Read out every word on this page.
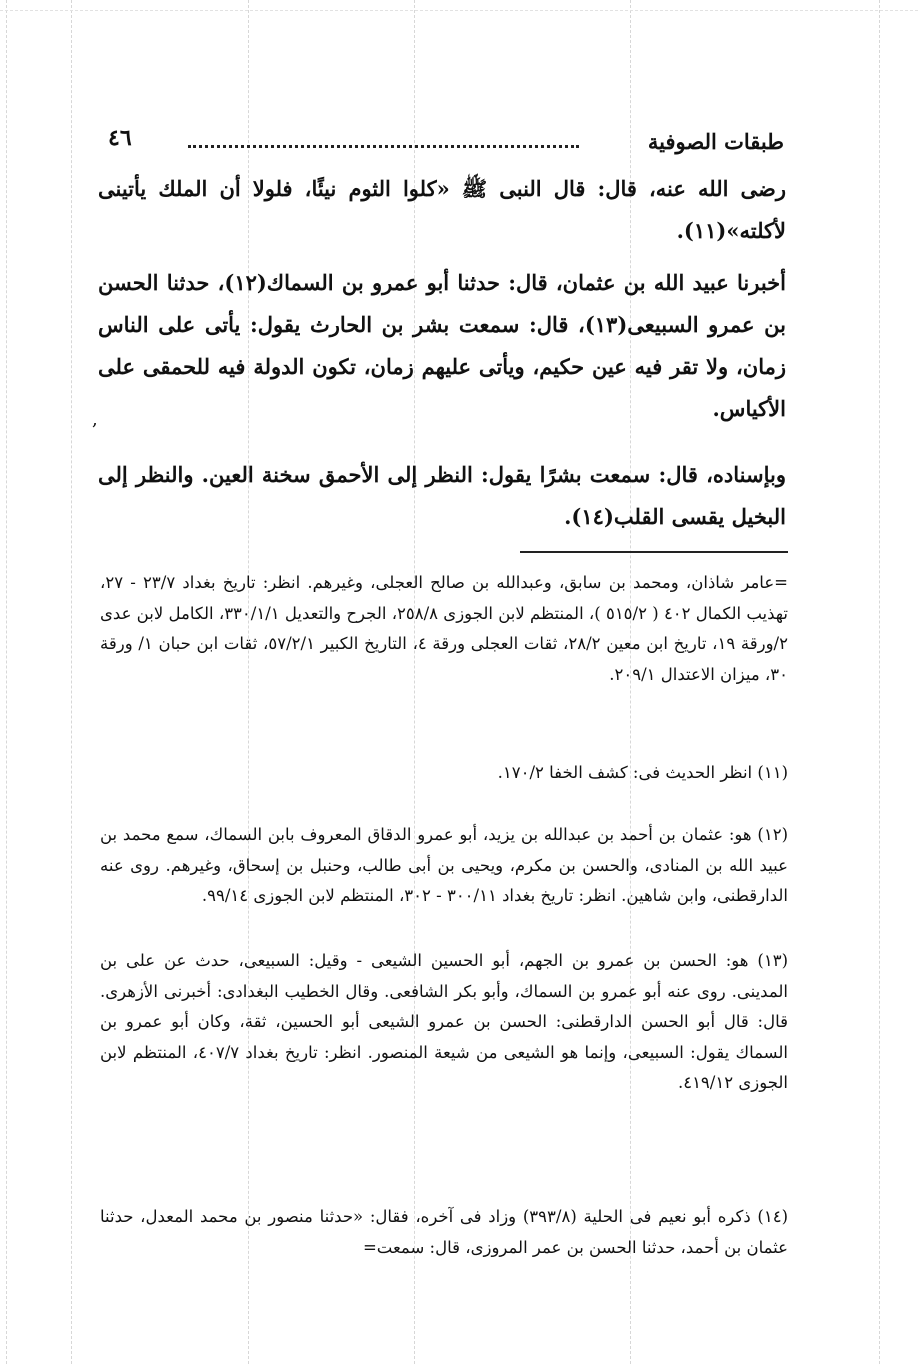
طبقات الصوفية
٤٦

رضى الله عنه، قال: قال النبى ﷺ «كلوا الثوم نيئًا، فلولا أن الملك يأتينى لأكلته»(١١).

أخبرنا عبيد الله بن عثمان، قال: حدثنا أبو عمرو بن السماك(١٢)، حدثنا الحسن بن عمرو السبيعى(١٣)، قال: سمعت بشر بن الحارث يقول: يأتى على الناس زمان، ولا تقر فيه عين حكيم، ويأتى عليهم زمان، تكون الدولة فيه للحمقى على الأكياس.

وبإسناده، قال: سمعت بشرًا يقول: النظر إلى الأحمق سخنة العين. والنظر إلى البخيل يقسى القلب(١٤).

,
=عامر شاذان، ومحمد بن سابق، وعبدالله بن صالح العجلى، وغيرهم. انظر: تاريخ بغداد ٢٣/٧ - ٢٧، تهذيب الكمال ٤٠٢ ( ٥١٥/٢ )، المنتظم لابن الجوزى ٢٥٨/٨، الجرح والتعديل ٣٣٠/١/١، الكامل لابن عدى ٢/ورقة ١٩، تاريخ ابن معين ٢٨/٢، ثقات العجلى ورقة ٤، التاريخ الكبير ٥٧/٢/١، ثقات ابن حبان ١/ ورقة ٣٠، ميزان الاعتدال ٢٠٩/١.
(١١) انظر الحديث فى: كشف الخفا ١٧٠/٢.
(١٢) هو: عثمان بن أحمد بن عبدالله بن يزيد، أبو عمرو الدقاق المعروف بابن السماك، سمع محمد بن عبيد الله بن المنادى، والحسن بن مكرم، ويحيى بن أبى طالب، وحنبل بن إسحاق، وغيرهم. روى عنه الدارقطنى، وابن شاهين. انظر: تاريخ بغداد ٣٠٠/١١ - ٣٠٢، المنتظم لابن الجوزى ٩٩/١٤.
(١٣) هو: الحسن بن عمرو بن الجهم، أبو الحسين الشيعى - وقيل: السبيعى، حدث عن على بن المدينى. روى عنه أبو عمرو بن السماك، وأبو بكر الشافعى. وقال الخطيب البغدادى: أخبرنى الأزهرى. قال: قال أبو الحسن الدارقطنى: الحسن بن عمرو الشيعى أبو الحسين، ثقة، وكان أبو عمرو بن السماك يقول: السبيعى، وإنما هو الشيعى من شيعة المنصور. انظر: تاريخ بغداد ٤٠٧/٧، المنتظم لابن الجوزى ٤١٩/١٢.
(١٤) ذكره أبو نعيم فى الحلية (٣٩٣/٨) وزاد فى آخره، فقال: «حدثنا منصور بن محمد المعدل، حدثنا عثمان بن أحمد، حدثنا الحسن بن عمر المروزى، قال: سمعت=
